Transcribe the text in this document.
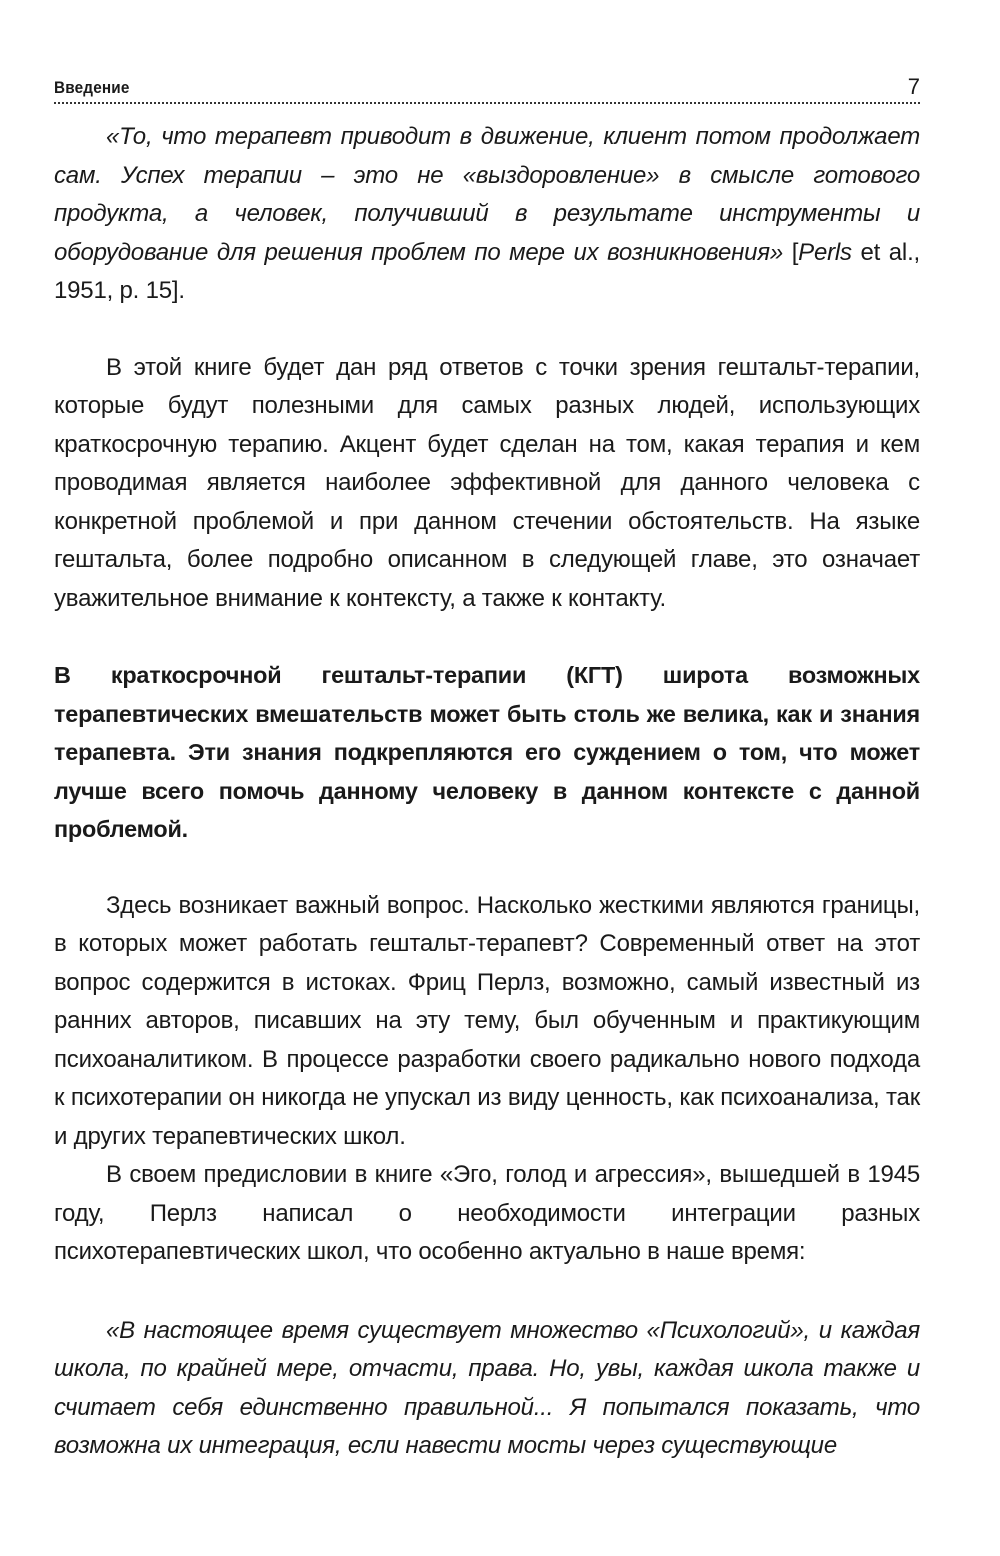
Введение	7

«То, что терапевт приводит в движение, клиент потом продолжает сам. Успех терапии – это не «выздоровление» в смысле готового продукта, а человек, получивший в результате инструменты и оборудование для решения проблем по мере их возникновения» [Perls et al., 1951, p. 15].

В этой книге будет дан ряд ответов с точки зрения гештальт-терапии, которые будут полезными для самых разных людей, использующих краткосрочную терапию. Акцент будет сделан на том, какая терапия и кем проводимая является наиболее эффективной для данного человека с конкретной проблемой и при данном стечении обстоятельств. На языке гештальта, более подробно описанном в следующей главе, это означает уважительное внимание к контексту, а также к контакту.

В краткосрочной гештальт-терапии (КГТ) широта возможных терапевтических вмешательств может быть столь же велика, как и знания терапевта. Эти знания подкрепляются его суждением о том, что может лучше всего помочь данному человеку в данном контексте с данной проблемой.

Здесь возникает важный вопрос. Насколько жесткими являются границы, в которых может работать гештальт-терапевт? Современный ответ на этот вопрос содержится в истоках. Фриц Перлз, возможно, самый известный из ранних авторов, писавших на эту тему, был обученным и практикующим психоаналитиком. В процессе разработки своего радикально нового подхода к психотерапии он никогда не упускал из виду ценность, как психоанализа, так и других терапевтических школ.

В своем предисловии в книге «Эго, голод и агрессия», вышедшей в 1945 году, Перлз написал о необходимости интеграции разных психотерапевтических школ, что особенно актуально в наше время:

«В настоящее время существует множество «Психологий», и каждая школа, по крайней мере, отчасти, права. Но, увы, каждая школа также и считает себя единственно правильной... Я попытался показать, что возможна их интеграция, если навести мосты через существующие
